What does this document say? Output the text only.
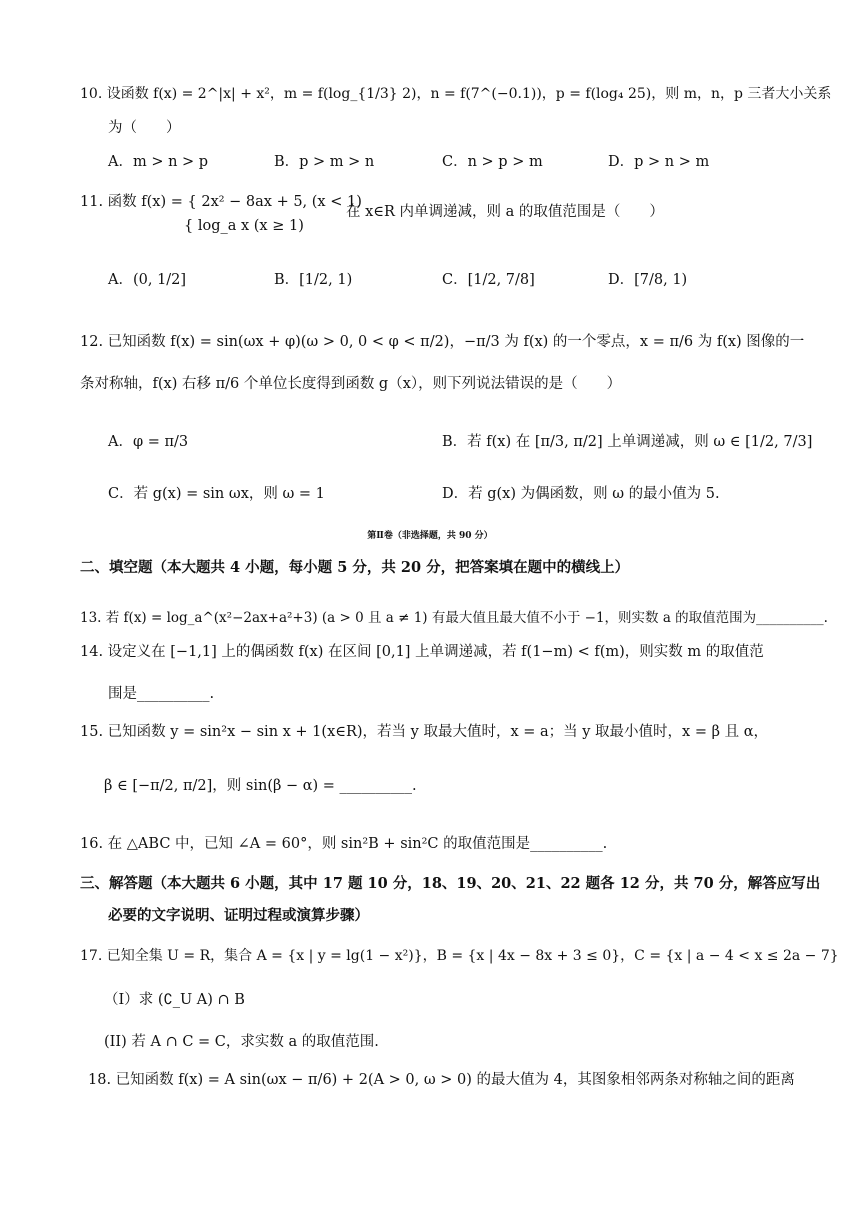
10. 设函数 f(x) = 2^|x| + x²，m = f(log_{1/3} 2)，n = f(7^(−0.1))，p = f(log₄ 25)，则 m，n，p 三者大小关系
为（　　）
A．m > n > p	B．p > m > n	C．n > p > m	D．p > n > m
11. 函数 f(x) = { 2x² − 8ax + 5, (x < 1)
在 x∈R 内单调递减，则 a 的取值范围是（　　）
{ log_a x (x ≥ 1)
A．(0, 1/2]	B．[1/2, 1)	C．[1/2, 7/8]	D．[7/8, 1)
12. 已知函数 f(x) = sin(ωx + φ)(ω > 0, 0 < φ < π/2)，−π/3 为 f(x) 的一个零点，x = π/6 为 f(x) 图像的一
条对称轴，f(x) 右移 π/6 个单位长度得到函数 g（x），则下列说法错误的是（　　）
A．φ = π/3	B．若 f(x) 在 [π/3, π/2] 上单调递减，则 ω ∈ [1/2, 7/3]
C．若 g(x) = sin ωx，则 ω = 1	D．若 g(x) 为偶函数，则 ω 的最小值为 5.
第Ⅱ卷（非选择题，共 90 分）
二、填空题（本大题共 4 小题，每小题 5 分，共 20 分，把答案填在题中的横线上）
13. 若 f(x) = log_a^(x²−2ax+a²+3) (a > 0 且 a ≠ 1) 有最大值且最大值不小于 −1，则实数 a 的取值范围为__________.
14. 设定义在 [−1,1] 上的偶函数 f(x) 在区间 [0,1] 上单调递减，若 f(1−m) < f(m)，则实数 m 的取值范
围是__________.
15. 已知函数 y = sin²x − sin x + 1(x∈R)，若当 y 取最大值时，x = a；当 y 取最小值时，x = β 且 α，
β ∈ [−π/2, π/2]，则 sin(β − α) = __________.
16. 在 △ABC 中，已知 ∠A = 60°，则 sin²B + sin²C 的取值范围是__________.
三、解答题（本大题共 6 小题，其中 17 题 10 分，18、19、20、21、22 题各 12 分，共 70 分，解答应写出
必要的文字说明、证明过程或演算步骤）
17. 已知全集 U = R，集合 A = {x | y = lg(1 − x²)}，B = {x | 4x − 8x + 3 ≤ 0}，C = {x | a − 4 < x ≤ 2a − 7}
（Ⅰ）求 (∁_U A) ∩ B
(II) 若 A ∩ C = C，求实数 a 的取值范围.
18. 已知函数 f(x) = A sin(ωx − π/6) + 2(A > 0, ω > 0) 的最大值为 4，其图象相邻两条对称轴之间的距离
